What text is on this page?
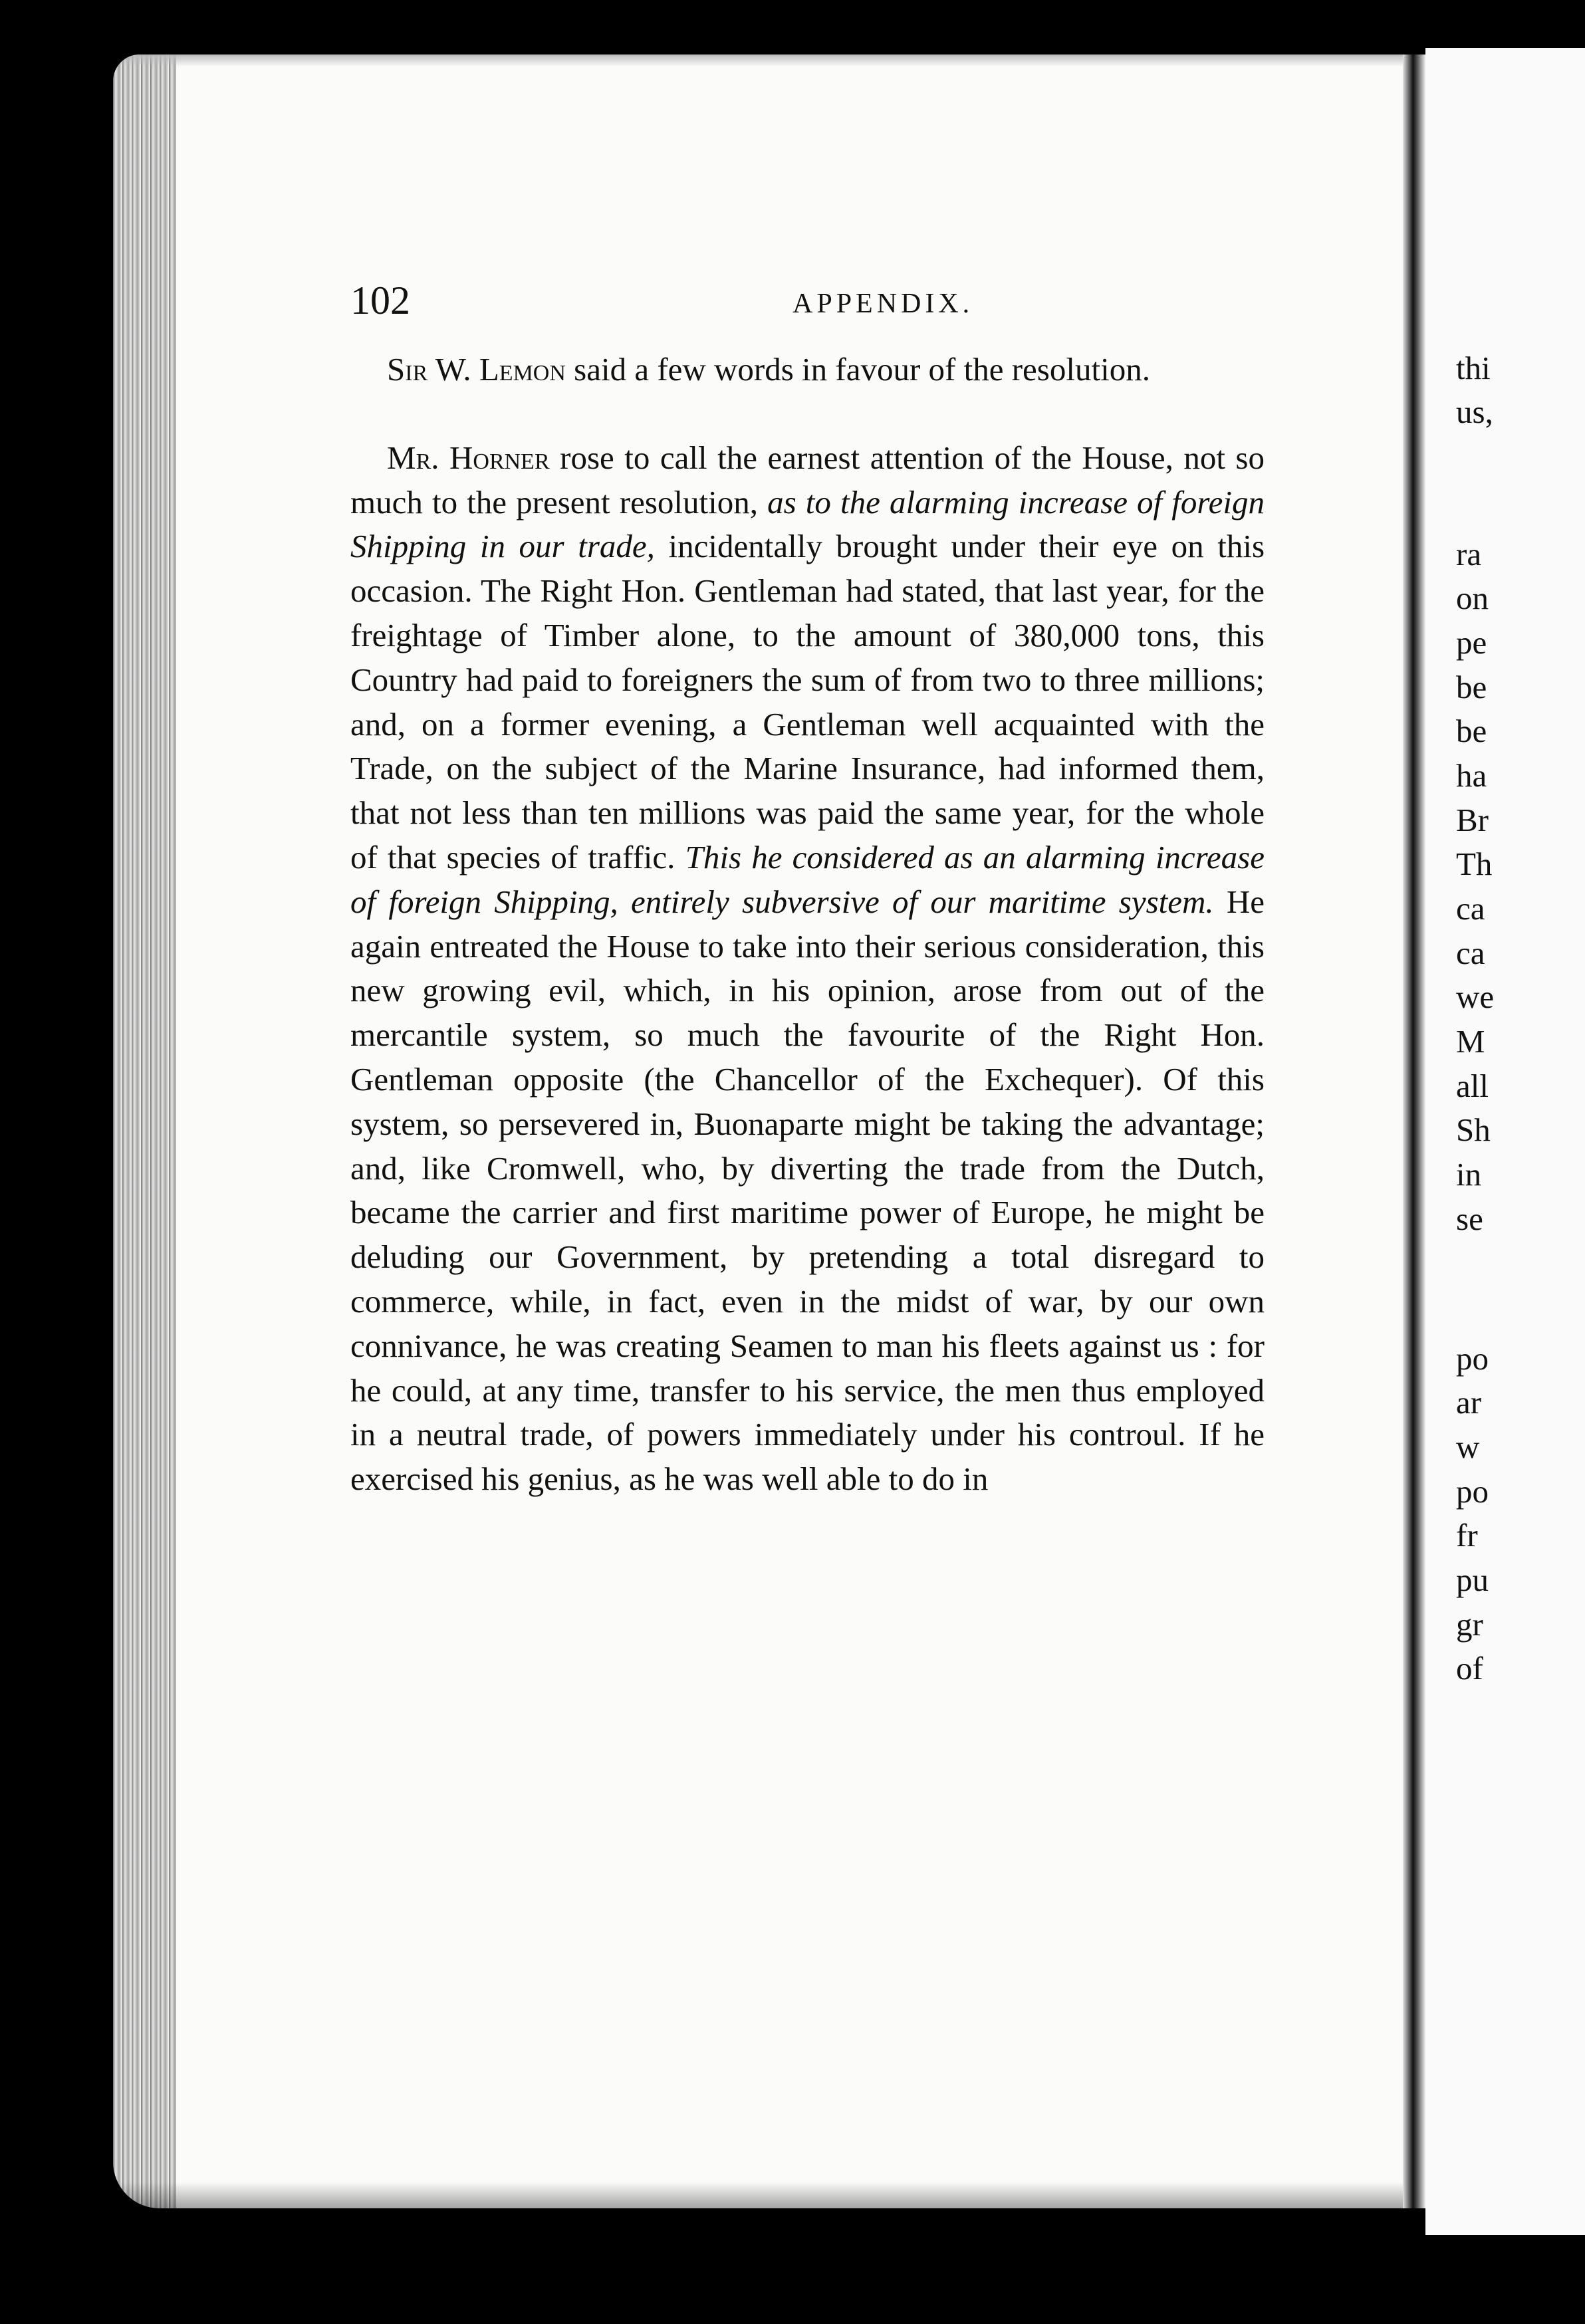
102	APPENDIX.

Sir W. Lemon said a few words in favour of the resolution.

Mr. Horner rose to call the earnest attention of the House, not so much to the present resolution, as to the alarming increase of foreign Shipping in our trade, incidentally brought under their eye on this occasion. The Right Hon. Gentleman had stated, that last year, for the freightage of Timber alone, to the amount of 380,000 tons, this Country had paid to foreigners the sum of from two to three millions; and, on a former evening, a Gentleman well acquainted with the Trade, on the subject of the Marine Insurance, had informed them, that not less than ten millions was paid the same year, for the whole of that species of traffic. This he considered as an alarming increase of foreign Shipping, entirely subversive of our maritime system. He again entreated the House to take into their serious consideration, this new growing evil, which, in his opinion, arose from out of the mercantile system, so much the favourite of the Right Hon. Gentleman opposite (the Chancellor of the Exchequer). Of this system, so persevered in, Buonaparte might be taking the advantage; and, like Cromwell, who, by diverting the trade from the Dutch, became the carrier and first maritime power of Europe, he might be deluding our Government, by pretending a total disregard to commerce, while, in fact, even in the midst of war, by our own connivance, he was creating Seamen to man his fleets against us : for he could, at any time, transfer to his service, the men thus employed in a neutral trade, of powers immediately under his controul. If he exercised his genius, as he was well able to do in

thi
us,
ra
on
pe
be
be
ha
Br
Th
ca
ca
we
M
all
Sh
in
se
po
ar
w
po
fr
pu
gr
of
